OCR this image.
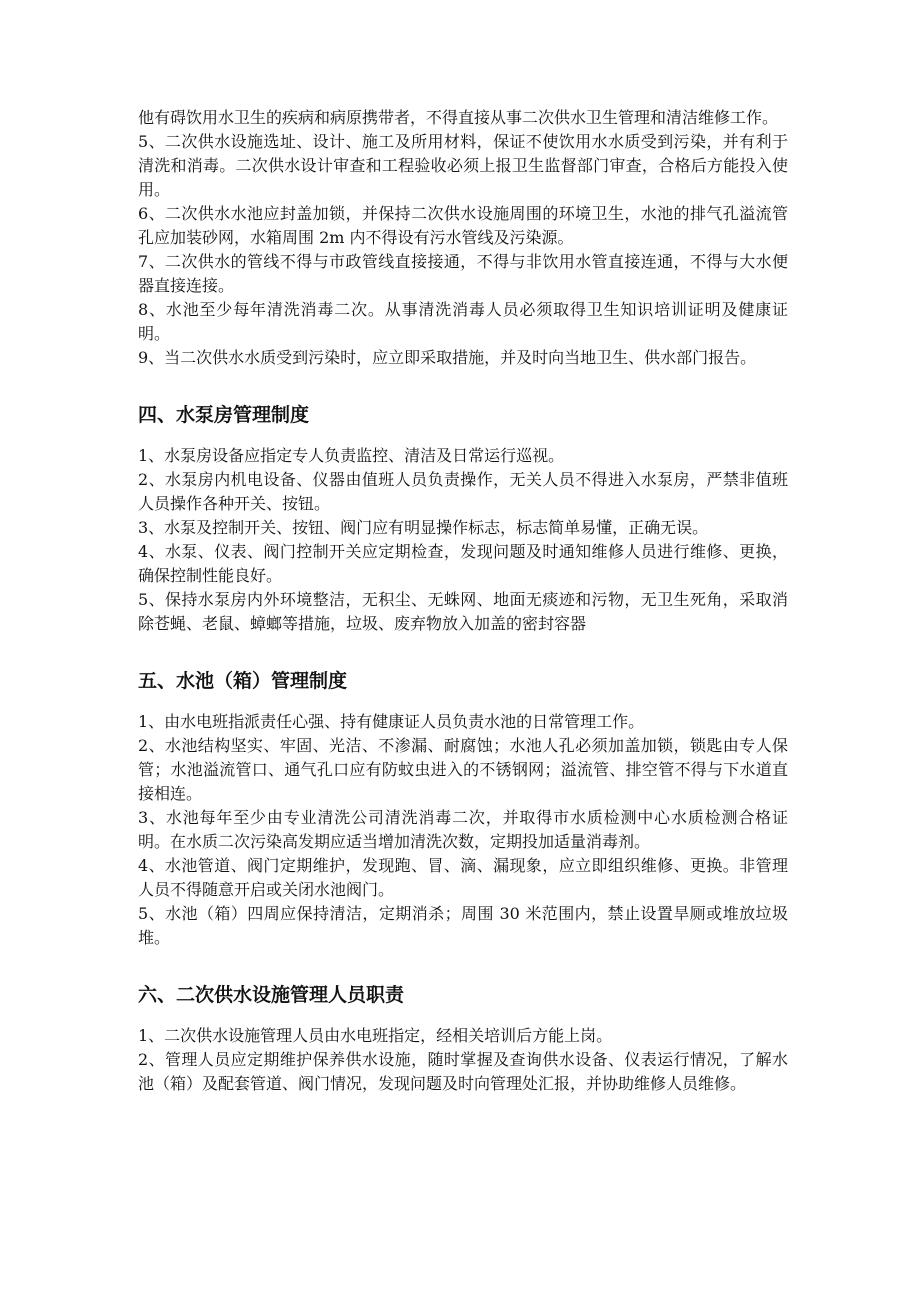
他有碍饮用水卫生的疾病和病原携带者，不得直接从事二次供水卫生管理和清洁维修工作。

5、二次供水设施选址、设计、施工及所用材料，保证不使饮用水水质受到污染，并有利于清洗和消毒。二次供水设计审查和工程验收必须上报卫生监督部门审查，合格后方能投入使用。

6、二次供水水池应封盖加锁，并保持二次供水设施周围的环境卫生，水池的排气孔溢流管孔应加装砂网，水箱周围 2m 内不得设有污水管线及污染源。

7、二次供水的管线不得与市政管线直接接通，不得与非饮用水管直接连通，不得与大水便器直接连接。

8、水池至少每年清洗消毒二次。从事清洗消毒人员必须取得卫生知识培训证明及健康证明。

9、当二次供水水质受到污染时，应立即采取措施，并及时向当地卫生、供水部门报告。

四、水泵房管理制度

1、水泵房设备应指定专人负责监控、清洁及日常运行巡视。

2、水泵房内机电设备、仪器由值班人员负责操作，无关人员不得进入水泵房，严禁非值班人员操作各种开关、按钮。

3、水泵及控制开关、按钮、阀门应有明显操作标志，标志简单易懂，正确无误。

4、水泵、仪表、阀门控制开关应定期检查，发现问题及时通知维修人员进行维修、更换，确保控制性能良好。

5、保持水泵房内外环境整洁，无积尘、无蛛网、地面无痰迹和污物，无卫生死角，采取消除苍蝇、老鼠、蟑螂等措施，垃圾、废弃物放入加盖的密封容器

五、水池（箱）管理制度

1、由水电班指派责任心强、持有健康证人员负责水池的日常管理工作。

2、水池结构坚实、牢固、光洁、不渗漏、耐腐蚀；水池人孔必须加盖加锁，锁匙由专人保管；水池溢流管口、通气孔口应有防蚊虫进入的不锈钢网；溢流管、排空管不得与下水道直接相连。

3、水池每年至少由专业清洗公司清洗消毒二次，并取得市水质检测中心水质检测合格证明。在水质二次污染高发期应适当增加清洗次数，定期投加适量消毒剂。

4、水池管道、阀门定期维护，发现跑、冒、滴、漏现象，应立即组织维修、更换。非管理人员不得随意开启或关闭水池阀门。

5、水池（箱）四周应保持清洁，定期消杀；周围 30 米范围内，禁止设置旱厕或堆放垃圾堆。

六、二次供水设施管理人员职责

1、二次供水设施管理人员由水电班指定，经相关培训后方能上岗。

2、管理人员应定期维护保养供水设施，随时掌握及查询供水设备、仪表运行情况，了解水池（箱）及配套管道、阀门情况，发现问题及时向管理处汇报，并协助维修人员维修。
